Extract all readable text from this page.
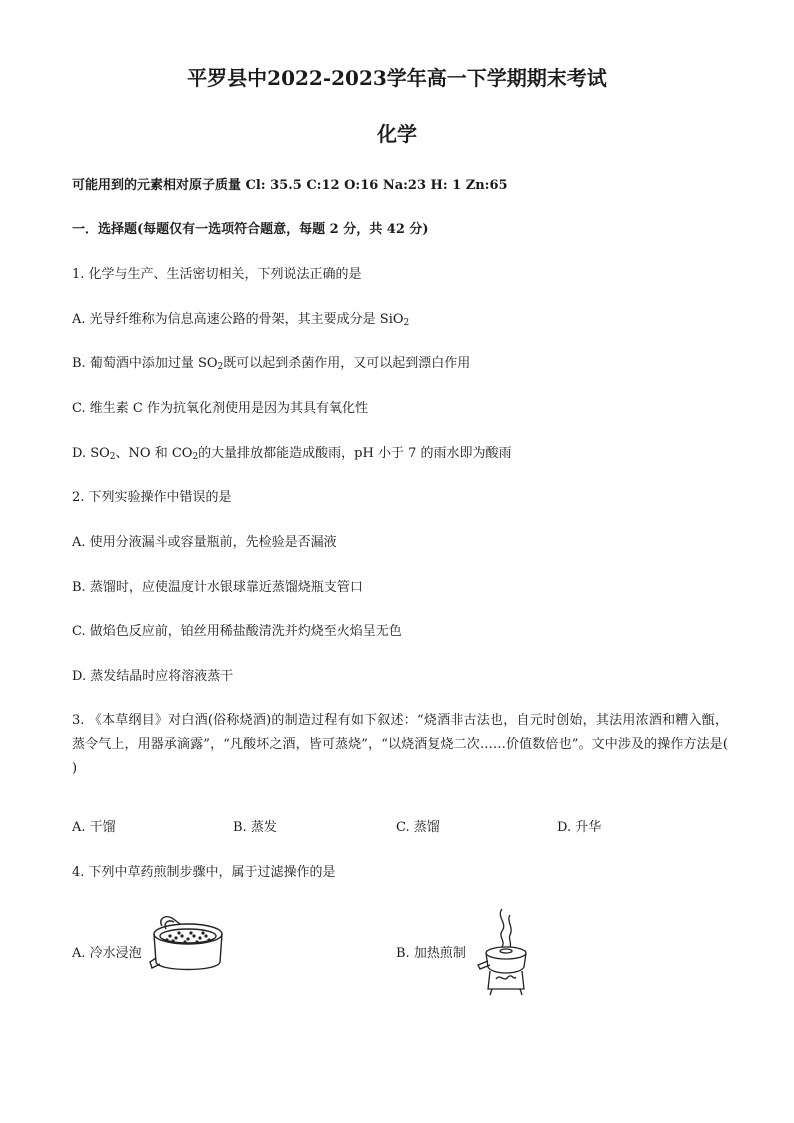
平罗县中2022-2023学年高一下学期期末考试
化学
可能用到的元素相对原子质量 Cl: 35.5 C:12 O:16 Na:23 H: 1 Zn:65
一．选择题(每题仅有一选项符合题意，每题 2 分，共 42 分)
1. 化学与生产、生活密切相关，下列说法正确的是
A. 光导纤维称为信息高速公路的骨架，其主要成分是 SiO$_2$
B. 葡萄酒中添加过量 $SO_2$既可以起到杀菌作用，又可以起到漂白作用
C. 维生素 C 作为抗氧化剂使用是因为其具有氧化性
D. $SO_2$、NO 和 $CO_2$的大量排放都能造成酸雨，pH 小于 7 的雨水即为酸雨
2. 下列实验操作中错误的是
A. 使用分液漏斗或容量瓶前，先检验是否漏液
B. 蒸馏时，应使温度计水银球靠近蒸馏烧瓶支管口
C. 做焰色反应前，铂丝用稀盐酸清洗并灼烧至火焰呈无色
D. 蒸发结晶时应将溶液蒸干
3. 《本草纲目》对白酒(俗称烧酒)的制造过程有如下叙述：“烧酒非古法也，自元时创始，其法用浓酒和糟入甑，蒸令气上，用器承滴露”，“凡酸坏之酒，皆可蒸烧”，“以烧酒复烧二次……价值数倍也”。文中涉及的操作方法是( )
A. 干馏	B. 蒸发	C. 蒸馏	D. 升华
4. 下列中草药煎制步骤中，属于过滤操作的是
A. 冷水浸泡	B. 加热煎制
